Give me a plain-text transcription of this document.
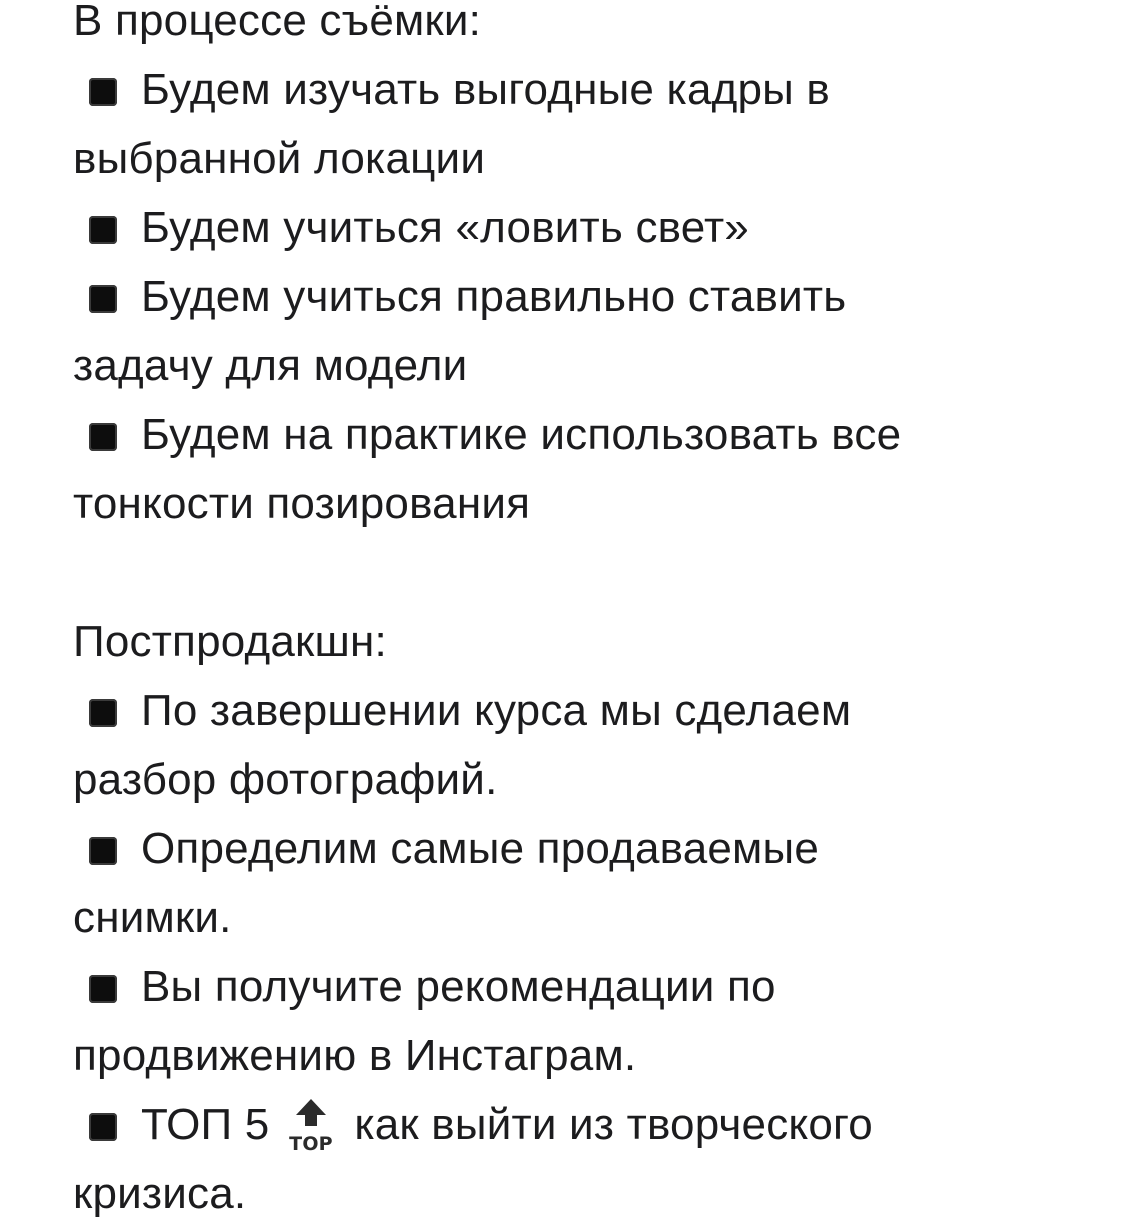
В процессе съёмки:
Будем изучать выгодные кадры в
выбранной локации
Будем учиться «ловить свет»
Будем учиться правильно ставить
задачу для модели
Будем на практике использовать все
тонкости позирования
Постпродакшн:
По завершении курса мы сделаем
разбор фотографий.
Определим самые продаваемые
снимки.
Вы получите рекомендации по
продвижению в Инстаграм.
ТОП 5 TOP как выйти из творческого
кризиса.
